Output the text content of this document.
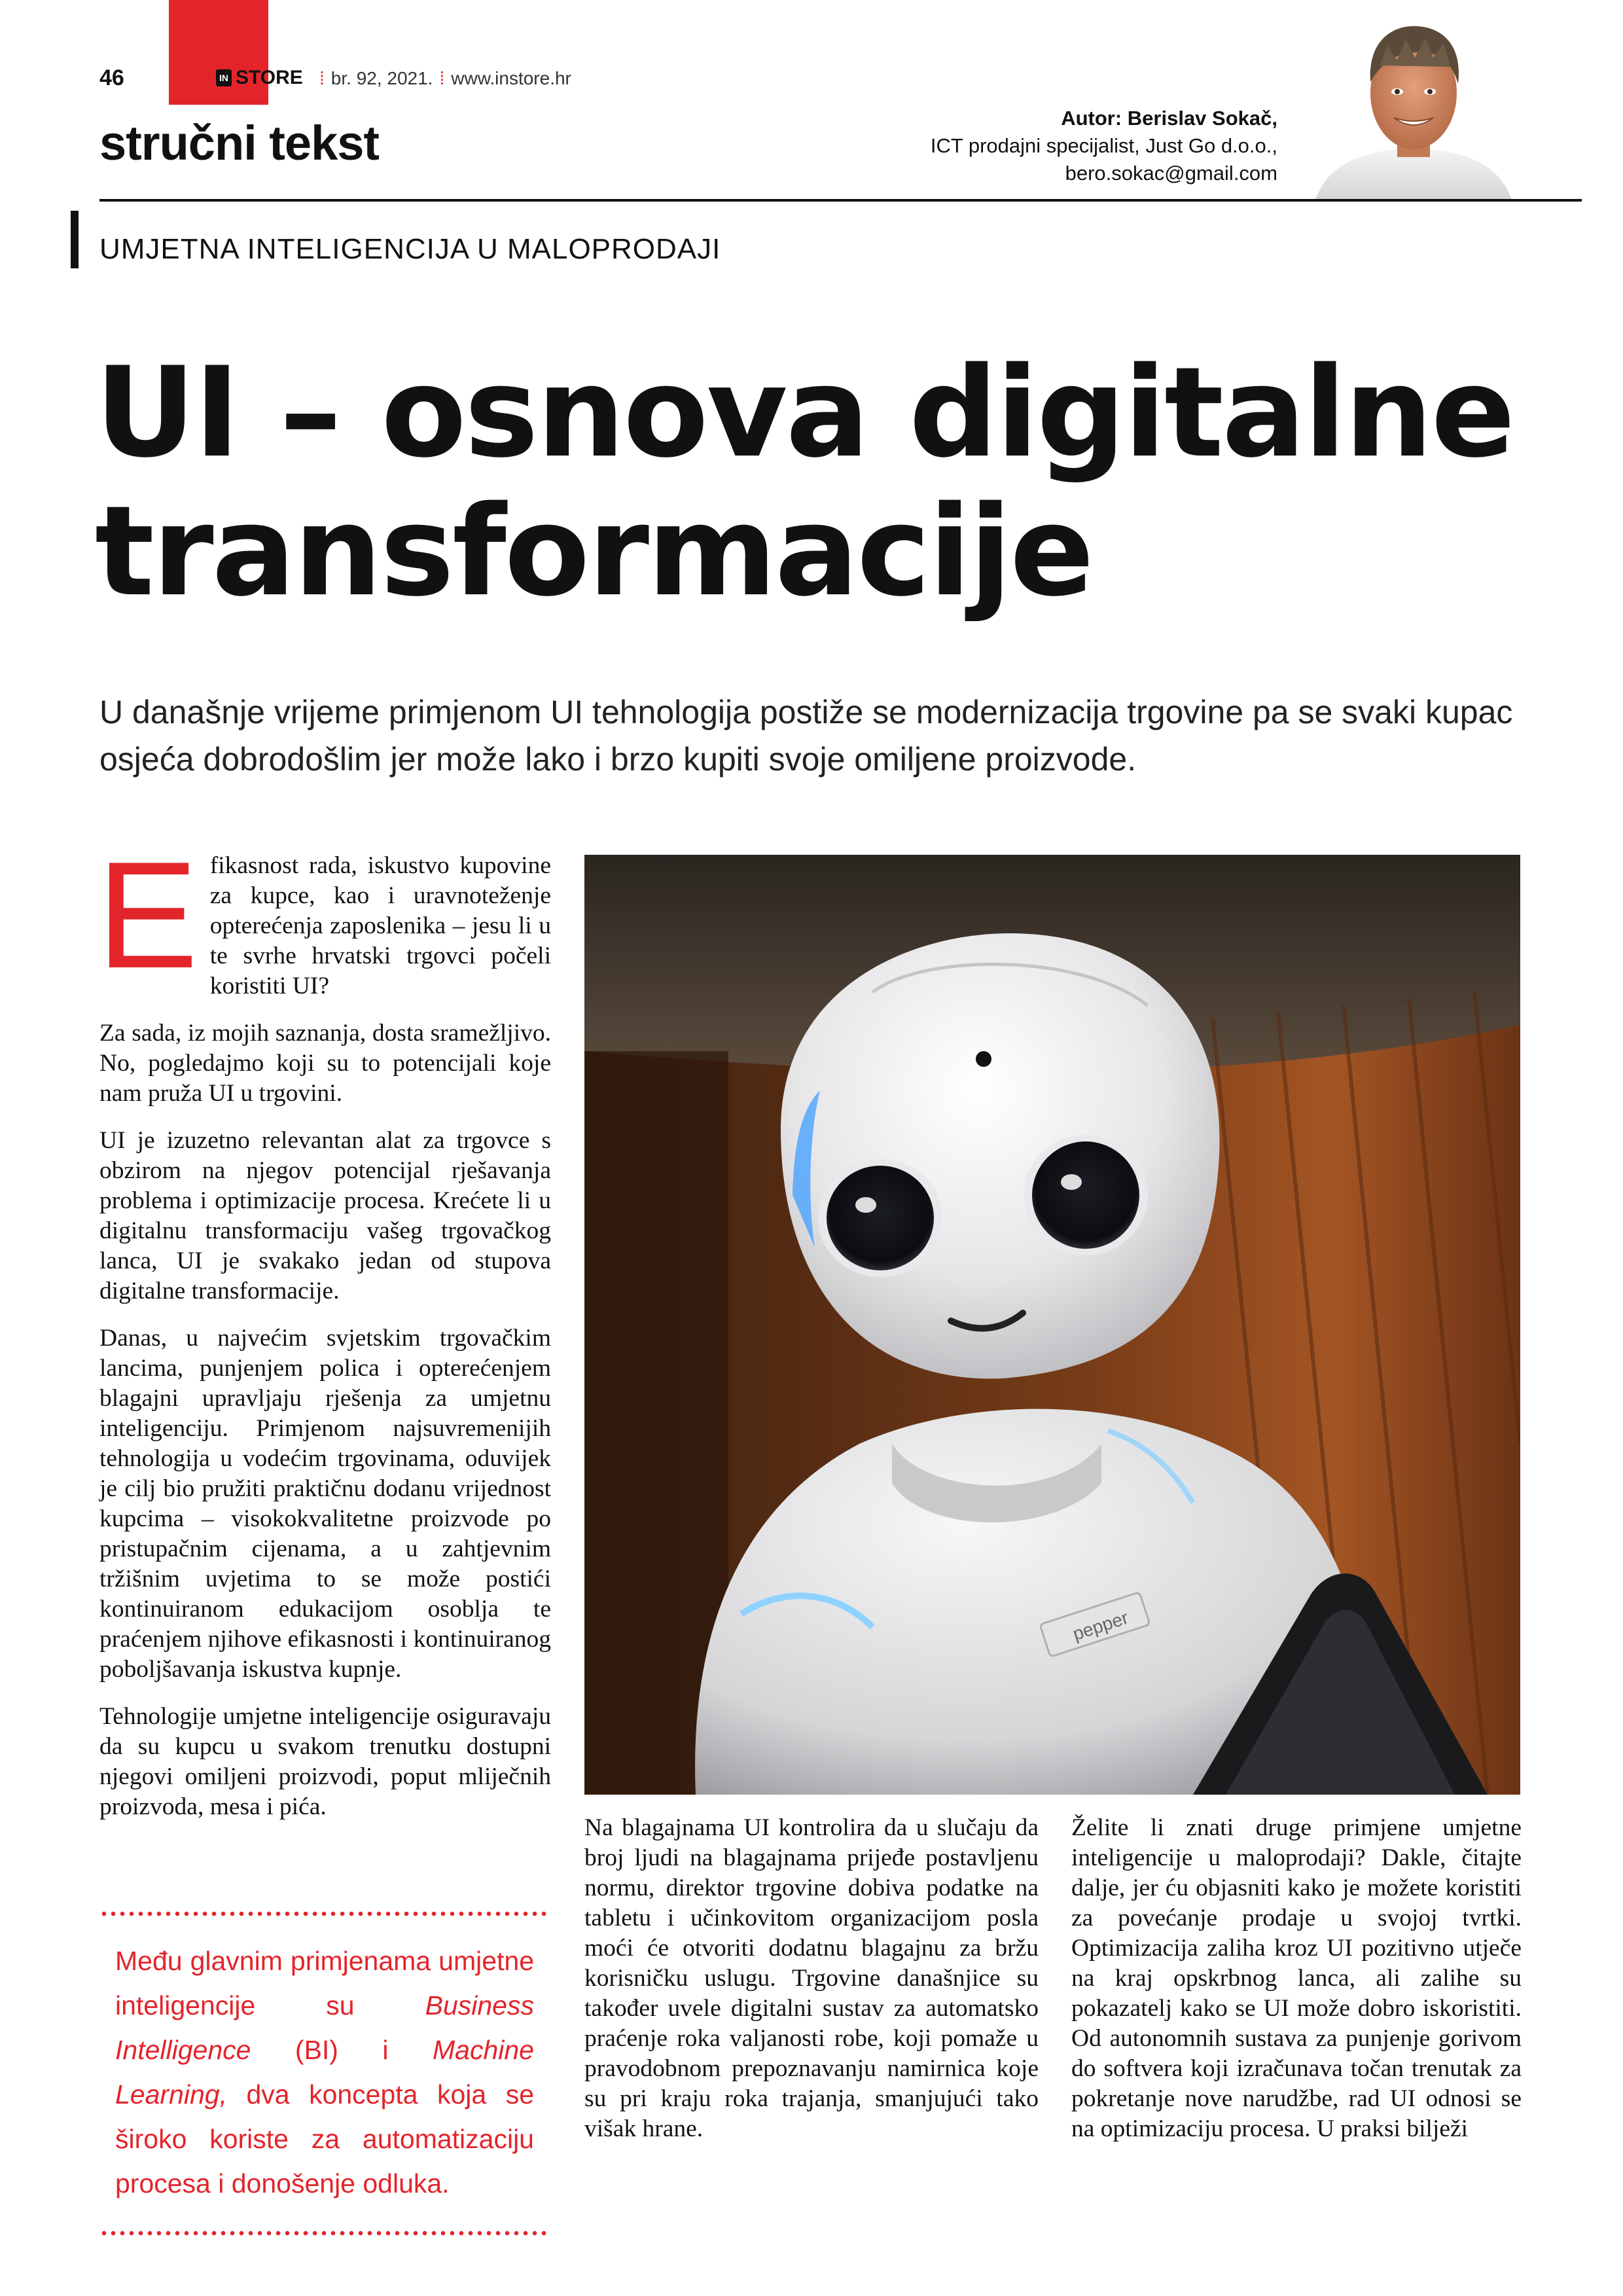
46	IN STORE ⁞ br. 92, 2021. ⁞ www.instore.hr
stručni tekst	Autor: Berislav Sokač,
ICT prodajni specijalist, Just Go d.o.o.,
bero.sokac@gmail.com
UMJETNA INTELIGENCIJA U MALOPRODAJI
UI – osnova digitalne transformacije
U današnje vrijeme primjenom UI tehnologija postiže se modernizacija trgovine pa se svaki kupac osjeća dobrodošlim jer može lako i brzo kupiti svoje omiljene proizvode.

Efikasnost rada, iskustvo kupovine za kupce, kao i uravnoteženje opterećenja zaposlenika – jesu li u te svrhe hrvatski trgovci počeli koristiti UI?

Za sada, iz mojih saznanja, dosta sramežljivo. No, pogledajmo koji su to potencijali koje nam pruža UI u trgovini.

UI je izuzetno relevantan alat za trgovce s obzirom na njegov potencijal rješavanja problema i optimizacije procesa. Krećete li u digitalnu transformaciju vašeg trgovačkog lanca, UI je svakako jedan od stupova digitalne transformacije.

Danas, u najvećim svjetskim trgovačkim lancima, punjenjem polica i opterećenjem blagajni upravljaju rješenja za umjetnu inteligenciju. Primjenom najsuvremenijih tehnologija u vodećim trgovinama, oduvijek je cilj bio pružiti praktičnu dodanu vrijednost kupcima – visokokvalitetne proizvode po pristupačnim cijenama, a u zahtjevnim tržišnim uvjetima to se može postići kontinuiranom edukacijom osoblja te praćenjem njihove efikasnosti i kontinuiranog poboljšavanja iskustva kupnje.

Tehnologije umjetne inteligencije osiguravaju da su kupcu u svakom trenutku dostupni njegovi omiljeni proizvodi, poput mliječnih proizvoda, mesa i pića.

Među glavnim primjenama umjetne inteligencije su Business Intelligence (BI) i Machine Learning, dva koncepta koja se široko koriste za automatizaciju procesa i donošenje odluka.
pepper

Na blagajnama UI kontrolira da u slučaju da broj ljudi na blagajnama prijeđe postavljenu normu, direktor trgovine dobiva podatke na tabletu i učinkovitom organizacijom posla moći će otvoriti dodatnu blagajnu za bržu korisničku uslugu. Trgovine današnjice su također uvele digitalni sustav za automatsko praćenje roka valjanosti robe, koji pomaže u pravodobnom prepoznavanju namirnica koje su pri kraju roka trajanja, smanjujući tako višak hrane.

Želite li znati druge primjene umjetne inteligencije u maloprodaji? Dakle, čitajte dalje, jer ću objasniti kako je možete koristiti za povećanje prodaje u svojoj tvrtki. Optimizacija zaliha kroz UI pozitivno utječe na kraj opskrbnog lanca, ali zalihe su pokazatelj kako se UI može dobro iskoristiti. Od autonomnih sustava za punjenje gorivom do softvera koji izračunava točan trenutak za pokretanje nove narudžbe, rad UI odnosi se na optimizaciju procesa. U praksi bilježi
